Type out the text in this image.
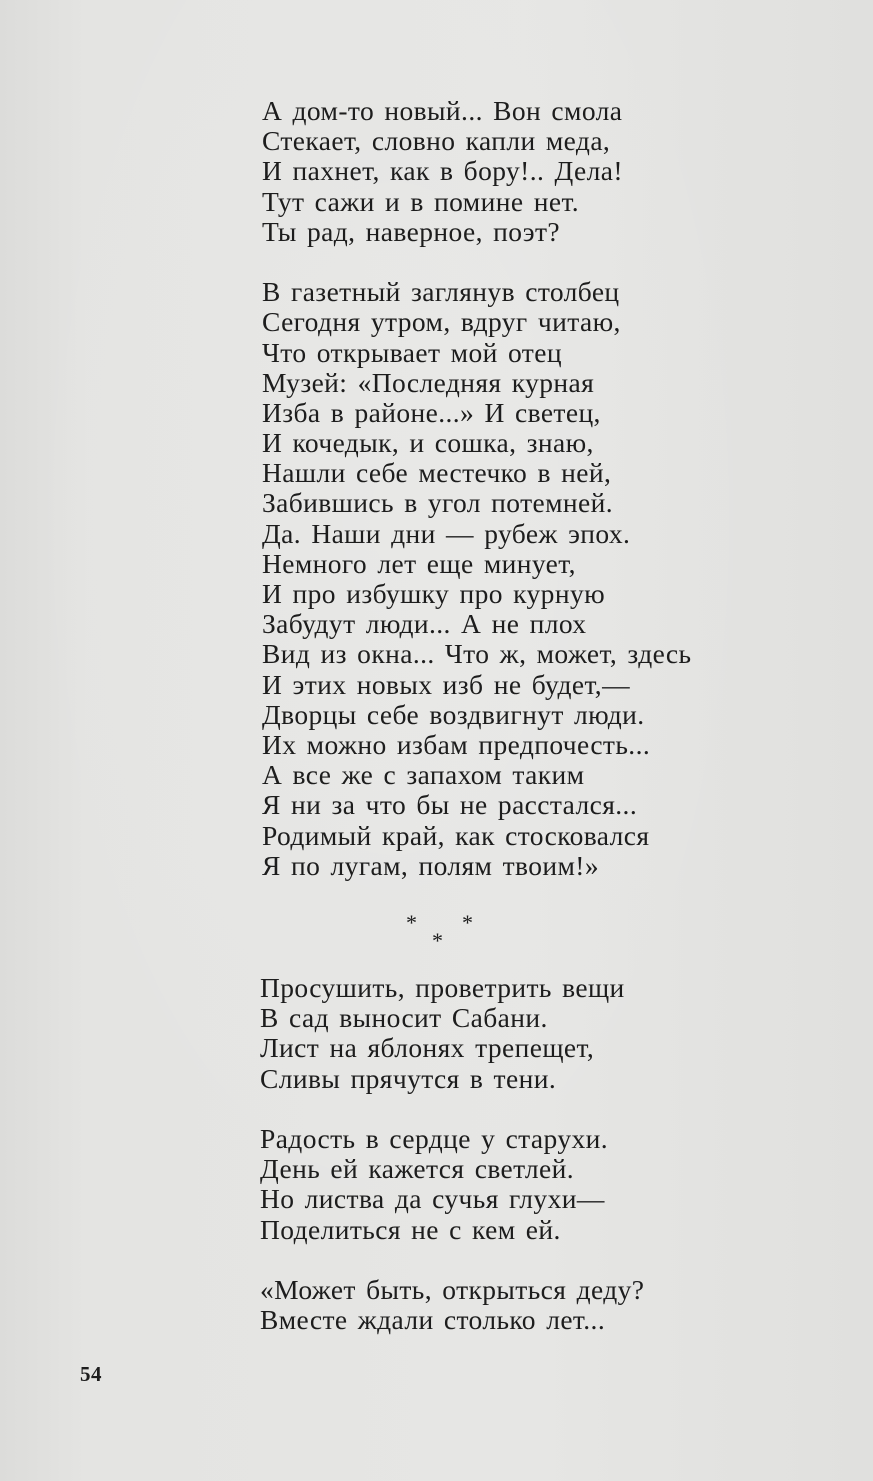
А дом-то новый... Вон смола
Стекает, словно капли меда,
И пахнет, как в бору!.. Дела!
Тут сажи и в помине нет.
Ты рад, наверное, поэт?
В газетный заглянув столбец
Сегодня утром, вдруг читаю,
Что открывает мой отец
Музей: «Последняя курная
Изба в районе...» И светец,
И кочедык, и сошка, знаю,
Нашли себе местечко в ней,
Забившись в угол потемней.
Да. Наши дни — рубеж эпох.
Немного лет еще минует,
И про избушку про курную
Забудут люди... А не плох
Вид из окна... Что ж, может, здесь
И этих новых изб не будет,—
Дворцы себе воздвигнут люди.
Их можно избам предпочесть...
А все же с запахом таким
Я ни за что бы не расстался...
Родимый край, как стосковался
Я по лугам, полям твоим!»
* *
*
Просушить, проветрить вещи
В сад выносит Сабани.
Лист на яблонях трепещет,
Сливы прячутся в тени.
Радость в сердце у старухи.
День ей кажется светлей.
Но листва да сучья глухи—
Поделиться не с кем ей.
«Может быть, открыться деду?
Вместе ждали столько лет...
54
